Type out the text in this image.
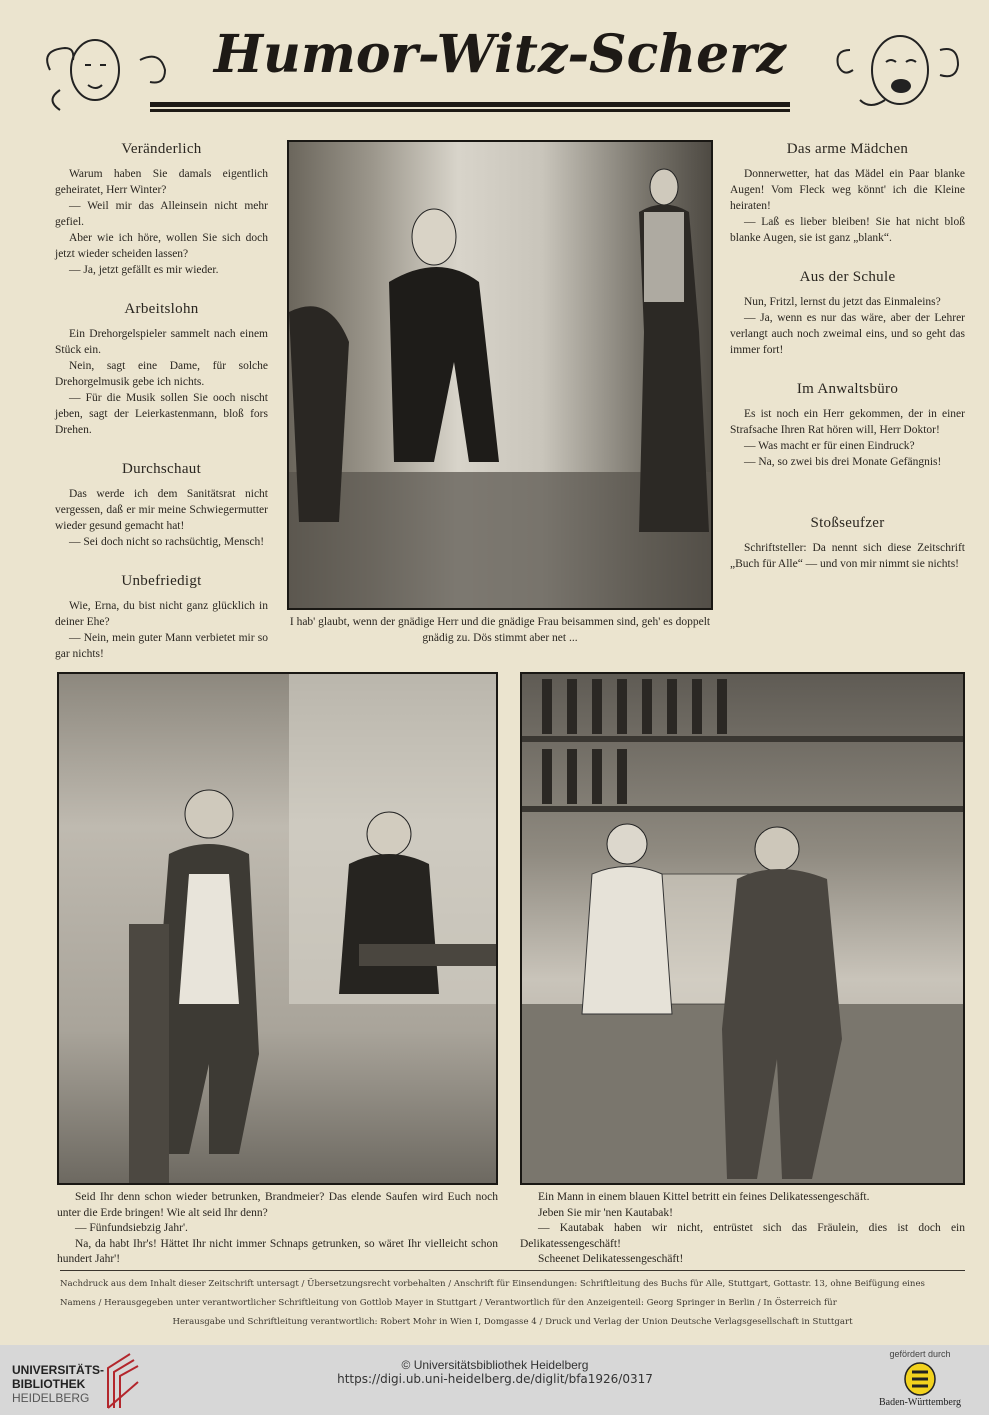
Humor-Witz-Scherz
Veränderlich

Warum haben Sie damals eigentlich geheiratet, Herr Winter?

— Weil mir das Alleinsein nicht mehr gefiel.

Aber wie ich höre, wollen Sie sich doch jetzt wieder scheiden lassen?

— Ja, jetzt gefällt es mir wieder.

Arbeitslohn

Ein Drehorgelspieler sammelt nach einem Stück ein.

Nein, sagt eine Dame, für solche Drehorgelmusik gebe ich nichts.

— Für die Musik sollen Sie ooch nischt jeben, sagt der Leierkastenmann, bloß fors Drehen.

Durchschaut

Das werde ich dem Sanitätsrat nicht vergessen, daß er mir meine Schwiegermutter wieder gesund gemacht hat!

— Sei doch nicht so rachsüchtig, Mensch!

Unbefriedigt

Wie, Erna, du bist nicht ganz glücklich in deiner Ehe?

— Nein, mein guter Mann verbietet mir so gar nichts!

I hab' glaubt, wenn der gnädige Herr und die gnädige Frau beisammen sind, geh' es doppelt gnädig zu. Dös stimmt aber net ...
Das arme Mädchen

Donnerwetter, hat das Mädel ein Paar blanke Augen! Vom Fleck weg könnt' ich die Kleine heiraten!

— Laß es lieber bleiben! Sie hat nicht bloß blanke Augen, sie ist ganz „blank“.

Aus der Schule

Nun, Fritzl, lernst du jetzt das Einmaleins?

— Ja, wenn es nur das wäre, aber der Lehrer verlangt auch noch zweimal eins, und so geht das immer fort!

Im Anwaltsbüro

Es ist noch ein Herr gekommen, der in einer Strafsache Ihren Rat hören will, Herr Doktor!

— Was macht er für einen Eindruck?

— Na, so zwei bis drei Monate Gefängnis!

Stoßseufzer

Schriftsteller: Da nennt sich diese Zeitschrift „Buch für Alle“ — und von mir nimmt sie nichts!

Seid Ihr denn schon wieder betrunken, Brandmeier? Das elende Saufen wird Euch noch unter die Erde bringen! Wie alt seid Ihr denn?

— Fünfundsiebzig Jahr'.

Na, da habt Ihr's! Hättet Ihr nicht immer Schnaps getrunken, so wäret Ihr vielleicht schon hundert Jahr'!

Ein Mann in einem blauen Kittel betritt ein feines Delikatessengeschäft.

Jeben Sie mir 'nen Kautabak!

— Kautabak haben wir nicht, entrüstet sich das Fräulein, dies ist doch ein Delikatessengeschäft!

Scheenet Delikatessengeschäft!

Nachdruck aus dem Inhalt dieser Zeitschrift untersagt / Übersetzungsrecht vorbehalten / Anschrift für Einsendungen: Schriftleitung des Buchs für Alle, Stuttgart, Gottastr. 13, ohne Beifügung eines
Namens / Herausgegeben unter verantwortlicher Schriftleitung von Gottlob Mayer in Stuttgart / Verantwortlich für den Anzeigenteil: Georg Springer in Berlin / In Österreich für
Herausgabe und Schriftleitung verantwortlich: Robert Mohr in Wien I, Domgasse 4 / Druck und Verlag der Union Deutsche Verlagsgesellschaft in Stuttgart
UNIVERSITÄTS-
BIBLIOTHEK
HEIDELBERG
© Universitätsbibliothek Heidelberg
https://digi.ub.uni-heidelberg.de/diglit/bfa1926/0317
gefördert durch
Baden-Württemberg
